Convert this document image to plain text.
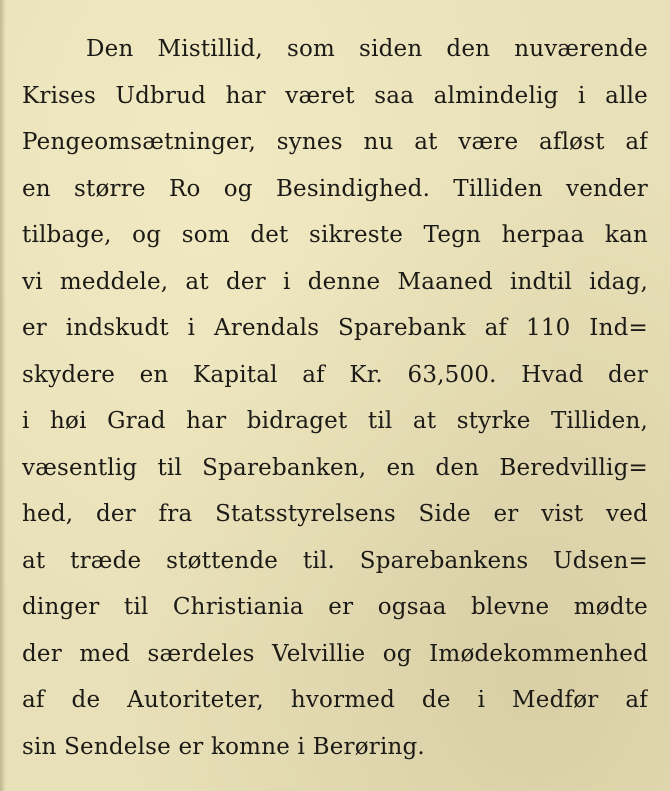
Den Mistillid, som siden den nuværende
Krises Udbrud har været saa almindelig i alle
Pengeomsætninger, synes nu at være afløst af
en større Ro og Besindighed. Tilliden vender
tilbage, og som det sikreste Tegn herpaa kan
vi meddele, at der i denne Maaned indtil idag,
er indskudt i Arendals Sparebank af 110 Ind=
skydere en Kapital af Kr. 63,500. Hvad der
i høi Grad har bidraget til at styrke Tilliden,
væsentlig til Sparebanken, en den Beredvillig=
hed, der fra Statsstyrelsens Side er vist ved
at træde støttende til. Sparebankens Udsen=
dinger til Christiania er ogsaa blevne mødte
der med særdeles Velvillie og Imødekommenhed
af de Autoriteter, hvormed de i Medfør af
sin Sendelse er komne i Berøring.
